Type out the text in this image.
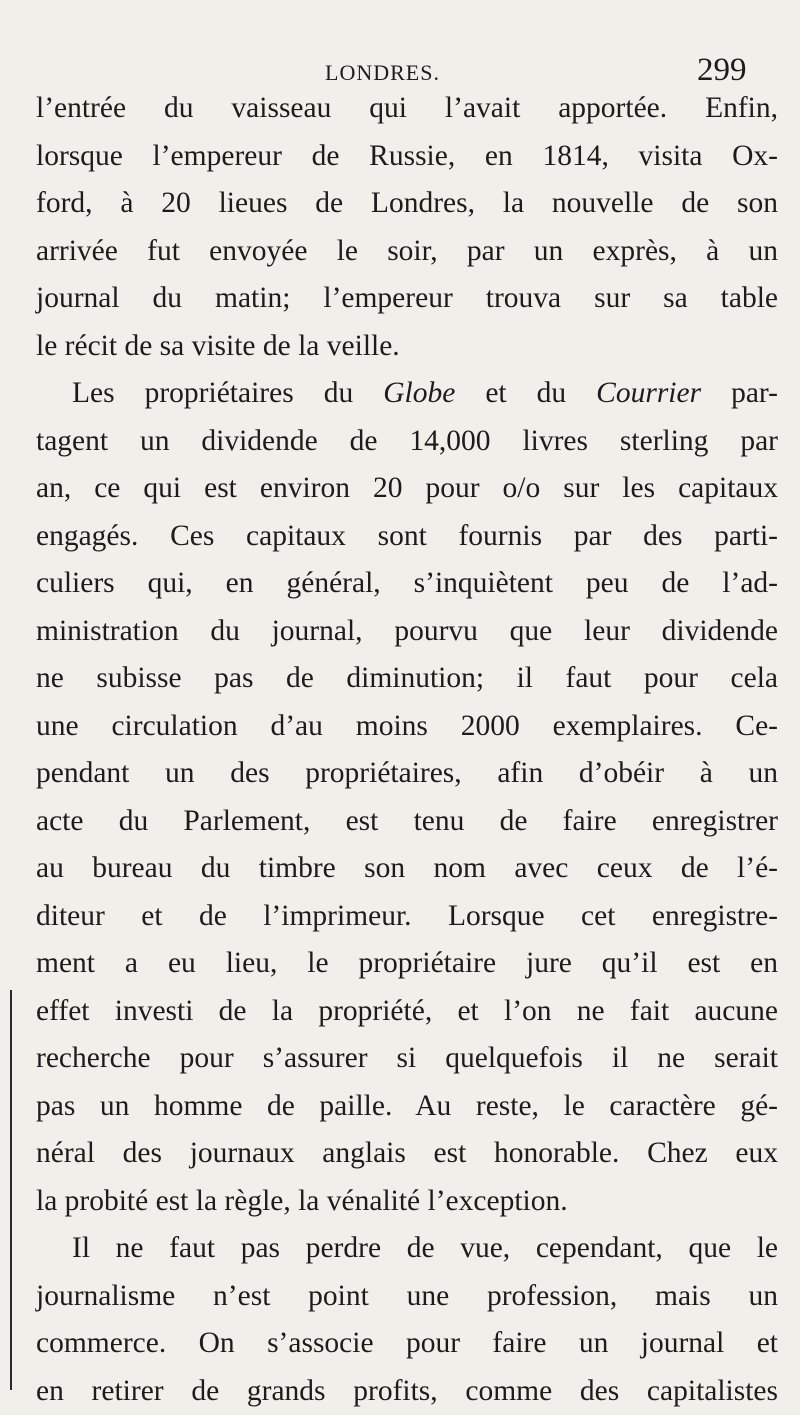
LONDRES.	299
l’entrée du vaisseau qui l’avait apportée. Enfin,
lorsque l’empereur de Russie, en 1814, visita Ox-
ford, à 20 lieues de Londres, la nouvelle de son
arrivée fut envoyée le soir, par un exprès, à un
journal du matin; l’empereur trouva sur sa table
le récit de sa visite de la veille.
Les propriétaires du Globe et du Courrier par-
tagent un dividende de 14,000 livres sterling par
an, ce qui est environ 20 pour o/o sur les capitaux
engagés. Ces capitaux sont fournis par des parti-
culiers qui, en général, s’inquiètent peu de l’ad-
ministration du journal, pourvu que leur dividende
ne subisse pas de diminution; il faut pour cela
une circulation d’au moins 2000 exemplaires. Ce-
pendant un des propriétaires, afin d’obéir à un
acte du Parlement, est tenu de faire enregistrer
au bureau du timbre son nom avec ceux de l’é-
diteur et de l’imprimeur. Lorsque cet enregistre-
ment a eu lieu, le propriétaire jure qu’il est en
effet investi de la propriété, et l’on ne fait aucune
recherche pour s’assurer si quelquefois il ne serait
pas un homme de paille. Au reste, le caractère gé-
néral des journaux anglais est honorable. Chez eux
la probité est la règle, la vénalité l’exception.
Il ne faut pas perdre de vue, cependant, que le
journalisme n’est point une profession, mais un
commerce. On s’associe pour faire un journal et
en retirer de grands profits, comme des capitalistes
